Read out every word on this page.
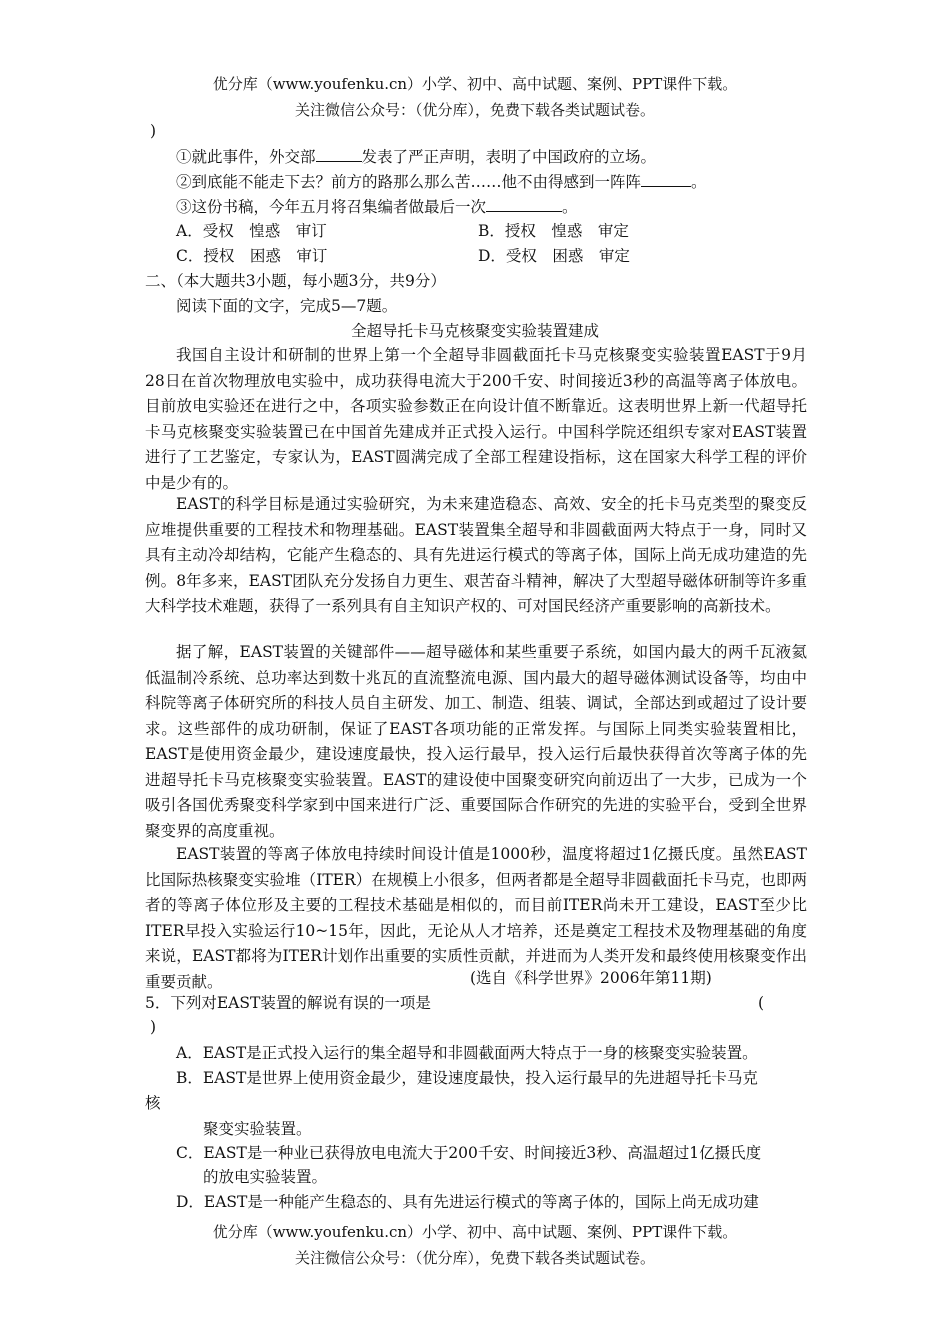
优分库（www.youfenku.cn）小学、初中、高中试题、案例、PPT课件下载。
关注微信公众号：（优分库），免费下载各类试题试卷。
)
①就此事件，外交部	发表了严正声明，表明了中国政府的立场。
②到底能不能走下去？前方的路那么那么苦……他不由得感到一阵阵	。
③这份书稿，今年五月将召集编者做最后一次	。
A．受权　惶惑　审订	B．授权　惶惑　审定
C．授权　困惑　审订	D．受权　困惑　审定
二、（本大题共3小题，每小题3分，共9分）
阅读下面的文字，完成5—7题。
全超导托卡马克核聚变实验装置建成
我国自主设计和研制的世界上第一个全超导非圆截面托卡马克核聚变实验装置EAST于9月28日在首次物理放电实验中，成功获得电流大于200千安、时间接近3秒的高温等离子体放电。目前放电实验还在进行之中，各项实验参数正在向设计值不断靠近。这表明世界上新一代超导托卡马克核聚变实验装置已在中国首先建成并正式投入运行。中国科学院还组织专家对EAST装置进行了工艺鉴定，专家认为，EAST圆满完成了全部工程建设指标，这在国家大科学工程的评价中是少有的。
EAST的科学目标是通过实验研究，为未来建造稳态、高效、安全的托卡马克类型的聚变反应堆提供重要的工程技术和物理基础。EAST装置集全超导和非圆截面两大特点于一身，同时又具有主动冷却结构，它能产生稳态的、具有先进运行模式的等离子体，国际上尚无成功建造的先例。8年多来，EAST团队充分发扬自力更生、艰苦奋斗精神，解决了大型超导磁体研制等许多重大科学技术难题，获得了一系列具有自主知识产权的、可对国民经济产重要影响的高新技术。
据了解，EAST装置的关键部件——超导磁体和某些重要子系统，如国内最大的两千瓦液氦低温制冷系统、总功率达到数十兆瓦的直流整流电源、国内最大的超导磁体测试设备等，均由中科院等离子体研究所的科技人员自主研发、加工、制造、组装、调试，全部达到或超过了设计要求。这些部件的成功研制，保证了EAST各项功能的正常发挥。与国际上同类实验装置相比，EAST是使用资金最少，建设速度最快，投入运行最早，投入运行后最快获得首次等离子体的先进超导托卡马克核聚变实验装置。EAST的建设使中国聚变研究向前迈出了一大步，已成为一个吸引各国优秀聚变科学家到中国来进行广泛、重要国际合作研究的先进的实验平台，受到全世界聚变界的高度重视。
EAST装置的等离子体放电持续时间设计值是1000秒，温度将超过1亿摄氏度。虽然EAST比国际热核聚变实验堆（ITER）在规模上小很多，但两者都是全超导非圆截面托卡马克，也即两者的等离子体位形及主要的工程技术基础是相似的，而目前ITER尚未开工建设，EAST至少比ITER早投入实验运行10~15年，因此，无论从人才培养，还是奠定工程技术及物理基础的角度来说，EAST都将为ITER计划作出重要的实质性贡献，并进而为人类开发和最终使用核聚变作出重要贡献。	(选自《科学世界》2006年第11期)
5．下列对EAST装置的解说有误的一项是	(
)
A．EAST是正式投入运行的集全超导和非圆截面两大特点于一身的核聚变实验装置。
B．EAST是世界上使用资金最少，建设速度最快，投入运行最早的先进超导托卡马克
核
聚变实验装置。
C．EAST是一种业已获得放电电流大于200千安、时间接近3秒、高温超过1亿摄氏度
的放电实验装置。
D．EAST是一种能产生稳态的、具有先进运行模式的等离子体的，国际上尚无成功建
优分库（www.youfenku.cn）小学、初中、高中试题、案例、PPT课件下载。
关注微信公众号：（优分库），免费下载各类试题试卷。
